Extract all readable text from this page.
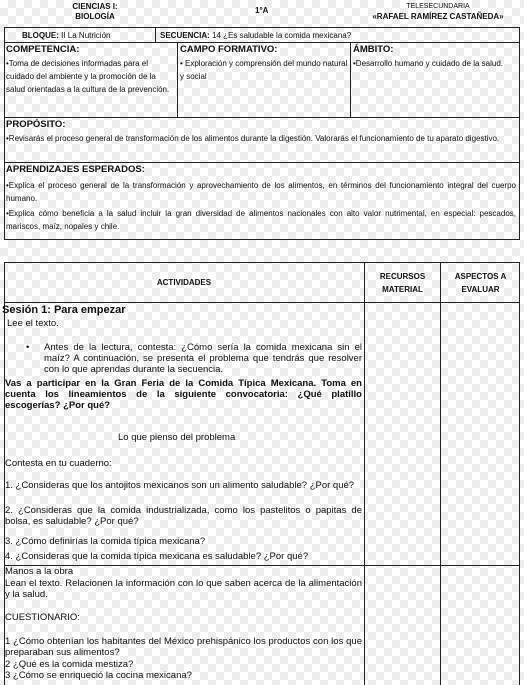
CIENCIAS I:
BIOLOGÍA
1°A	TELESECUNDARIA
«RAFAEL RAMÍREZ CASTAÑEDA»
BLOQUE: II La Nutrición	SECUENCIA: 14 ¿Es saludable la comida mexicana?
COMPETENCIA:
•Toma de decisiones informadas para el cuidado del ambiente y la promoción de la salud orientadas a la cultura de la prevención.
CAMPO FORMATIVO:
• Exploración y comprensión del mundo natural y social
ÁMBITO:
•Desarrollo humano y cuidado de la salud.
PROPÓSITO:
•Revisarás el proceso general de transformación de los alimentos durante la digestión. Valorarás el funcionamiento de tu aparato digestivo.
APRENDIZAJES ESPERADOS:
•Explica el proceso general de la transformación y aprovechamiento de los alimentos, en términos del funcionamiento integral del cuerpo humano.
•Explica cómo beneficia a la salud incluir la gran diversidad de alimentos nacionales con alto valor nutrimental, en especial: pescados, mariscos, maíz, nopales y chile.
ACTIVIDADES
RECURSOS
MATERIAL
ASPECTOS A
EVALUAR
Sesión 1: Para empezar
Lee el texto.
• Antes de la lectura, contesta: ¿Cómo sería la comida mexicana sin el maíz? A continuación, se presenta el problema que tendrás que resolver con lo que aprendas durante la secuencia.
Vas a participar en la Gran Feria de la Comida Típica Mexicana. Toma en cuenta los lineamientos de la siguiente convocatoria: ¿Qué platillo escogerías? ¿Por qué?
Lo que pienso del problema
Contesta en tu cuaderno:
1. ¿Consideras que los antojitos mexicanos son un alimento saludable? ¿Por qué?
2. ¿Consideras que la comida industrializada, como los pastelitos o papitas de bolsa, es saludable? ¿Por qué?
3. ¿Cómo definirías la comida típica mexicana?
4. ¿Consideras que la comida típica mexicana es saludable? ¿Por qué?
Manos a la obra
Lean el texto. Relacionen la información con lo que saben acerca de la alimentación y la salud.
CUESTIONARIO:
1 ¿Cómo obtenían los habitantes del México prehispánico los productos con los que preparaban sus alimentos?
2 ¿Qué es la comida mestiza?
3 ¿Cómo se enriqueció la cocina mexicana?
